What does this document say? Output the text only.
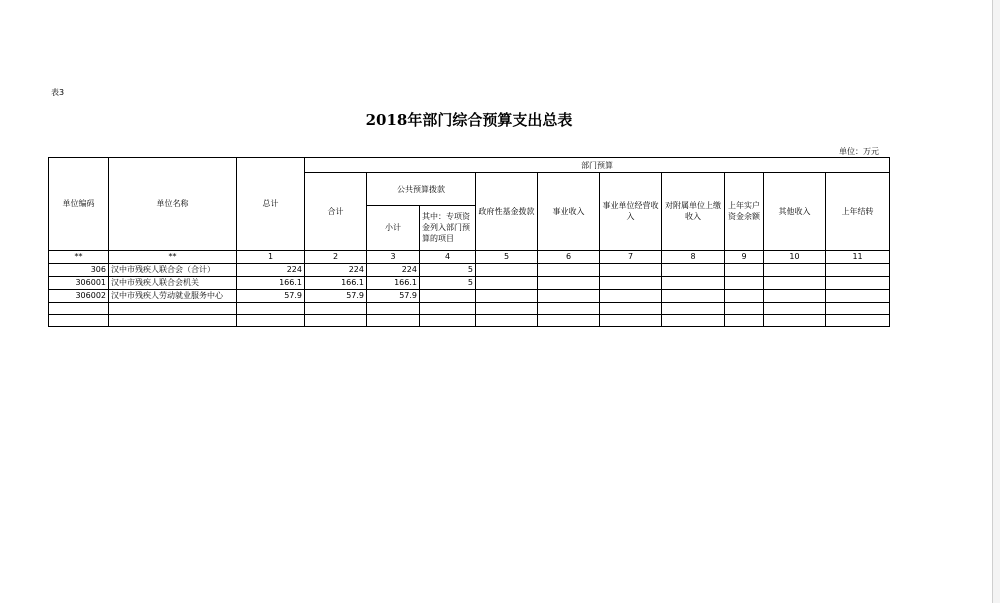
表3
2018年部门综合预算支出总表
单位：万元
单位编码	单位名称	总计	部门预算									
			合计	公共预算拨款		政府性基金拨款	事业收入	事业单位经营收入	对附属单位上缴收入	上年实户资金余额	其他收入	上年结转
				小计	其中：专项资金列入部门预算的项目							
**	**	1	2	3	4	5	6	7	8	9	10	11
306	汉中市残疾人联合会（合计）	224	224	224	5							
306001	汉中市残疾人联合会机关	166.1	166.1	166.1	5							
306002	汉中市残疾人劳动就业服务中心	57.9	57.9	57.9								
